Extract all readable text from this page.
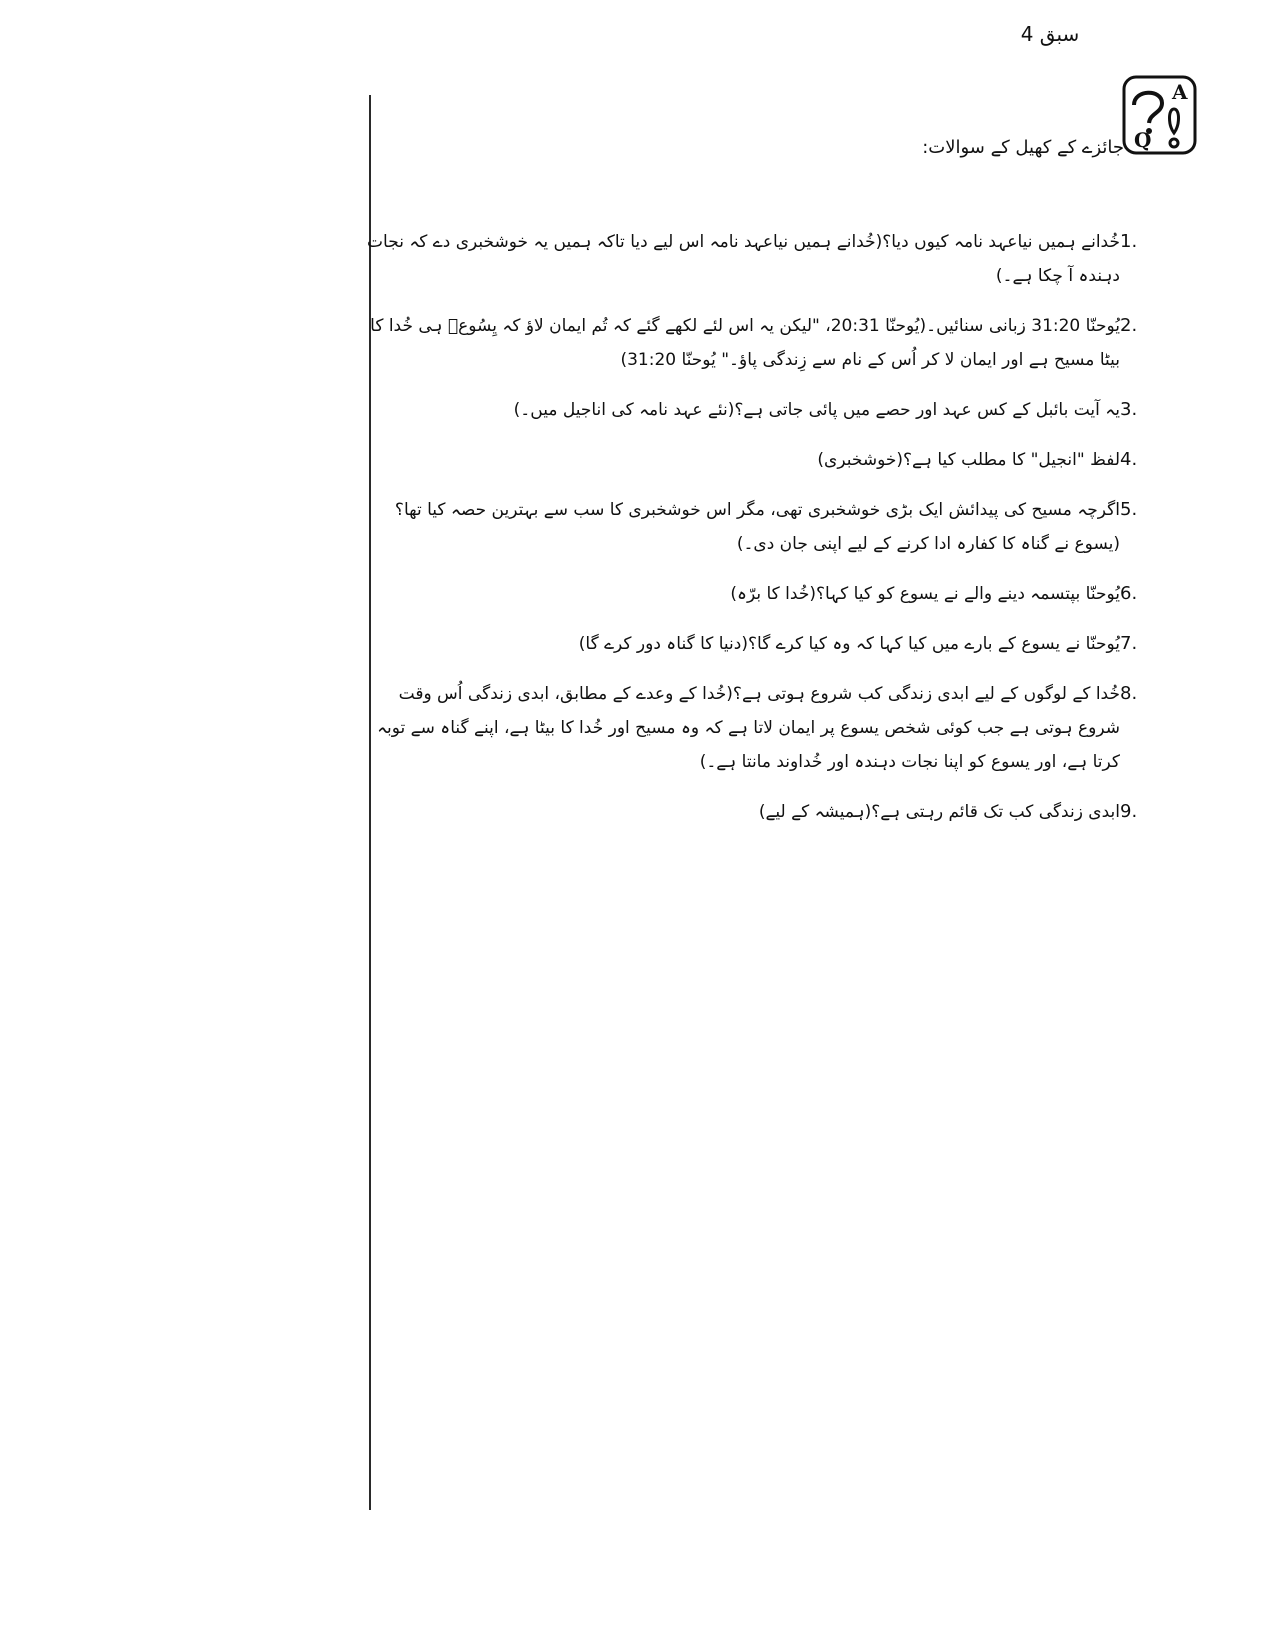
سبق 4
A
Q
جائزے کے کھیل کے سوالات:
1.
خُدانے ہمیں نیاعہد نامہ کیوں دیا؟(خُدانے ہمیں نیاعہد نامہ اس لیے دیا تاکہ ہمیں یہ خوشخبری دے کہ نجات دہندہ آ چکا ہے۔)
2.
یُوحنّا 31:20 زبانی سنائیں۔(یُوحنّا 20:31، "لیکن یہ اس لئے لکھے گئے کہ تُم ایمان لاؤ کہ یِسُوعؔ ہی خُدا کا بیٹا مسیح ہے اور ایمان لا کر اُس کے نام سے زِندگی پاؤ۔" یُوحنّا 31:20)
3.
یہ آیت بائبل کے کس عہد اور حصے میں پائی جاتی ہے؟(نئے عہد نامہ کی اناجیل میں۔)
4.
لفظ "انجیل" کا مطلب کیا ہے؟(خوشخبری)
5.
اگرچہ مسیح کی پیدائش ایک بڑی خوشخبری تھی، مگر اس خوشخبری کا سب سے بہترین حصہ کیا تھا؟(یسوع نے گناہ کا کفارہ ادا کرنے کے لیے اپنی جان دی۔)
6.
یُوحنّا بپتسمہ دینے والے نے یسوع کو کیا کہا؟(خُدا کا برّہ)
7.
یُوحنّا نے یسوع کے بارے میں کیا کہا کہ وہ کیا کرے گا؟(دنیا کا گناہ دور کرے گا)
8.
خُدا کے لوگوں کے لیے ابدی زندگی کب شروع ہوتی ہے؟(خُدا کے وعدے کے مطابق، ابدی زندگی اُس وقت شروع ہوتی ہے جب کوئی شخص یسوع پر ایمان لاتا ہے کہ وہ مسیح اور خُدا کا بیٹا ہے، اپنے گناہ سے توبہ کرتا ہے، اور یسوع کو اپنا نجات دہندہ اور خُداوند مانتا ہے۔)
9.
ابدی زندگی کب تک قائم رہتی ہے؟(ہمیشہ کے لیے)
